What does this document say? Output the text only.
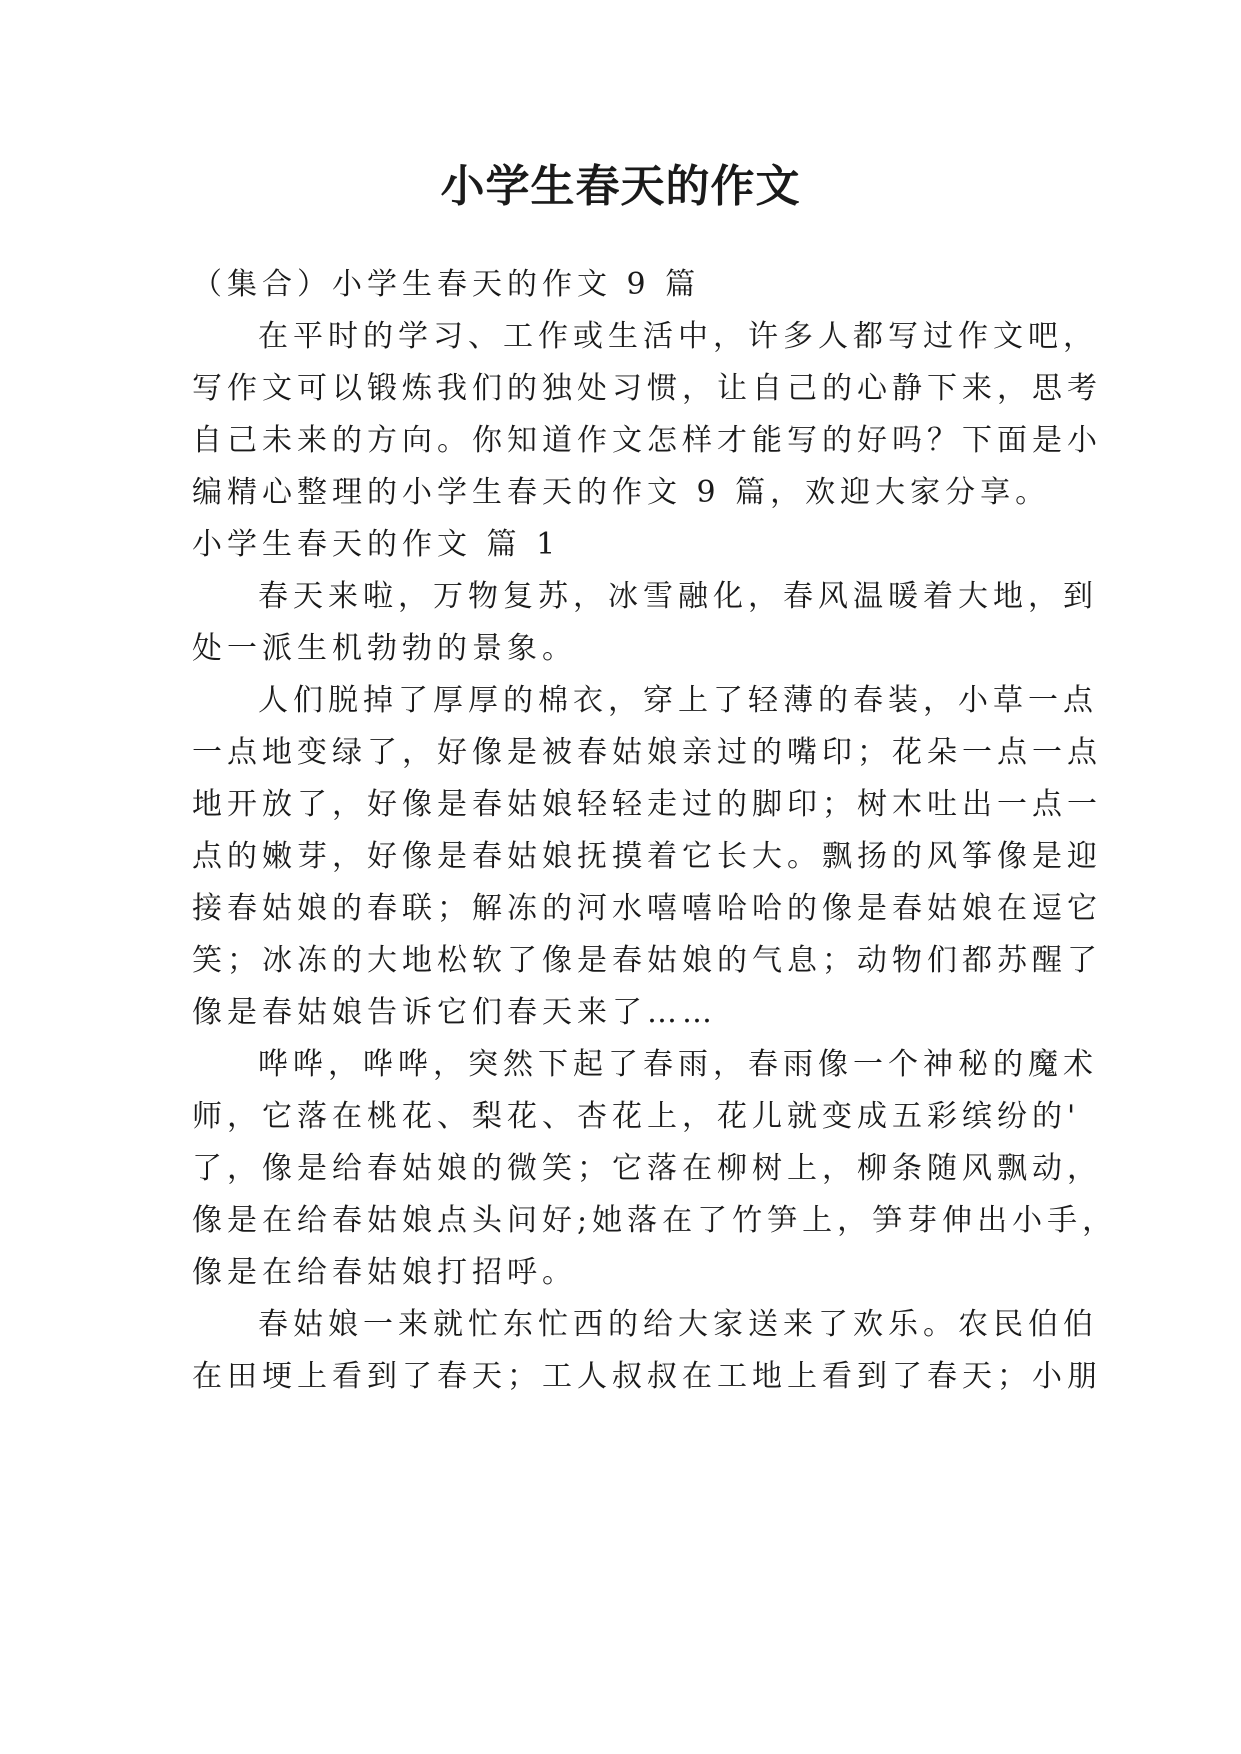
小学生春天的作文
（集合）小学生春天的作文 9 篇
在平时的学习、工作或生活中，许多人都写过作文吧，
写作文可以锻炼我们的独处习惯，让自己的心静下来，思考
自己未来的方向。你知道作文怎样才能写的好吗？下面是小
编精心整理的小学生春天的作文 9 篇，欢迎大家分享。
小学生春天的作文 篇 1
春天来啦，万物复苏，冰雪融化，春风温暖着大地，到
处一派生机勃勃的景象。
人们脱掉了厚厚的棉衣，穿上了轻薄的春装，小草一点
一点地变绿了，好像是被春姑娘亲过的嘴印；花朵一点一点
地开放了，好像是春姑娘轻轻走过的脚印；树木吐出一点一
点的嫩芽，好像是春姑娘抚摸着它长大。飘扬的风筝像是迎
接春姑娘的春联；解冻的河水嘻嘻哈哈的像是春姑娘在逗它
笑；冰冻的大地松软了像是春姑娘的气息；动物们都苏醒了
像是春姑娘告诉它们春天来了……
哗哗，哗哗，突然下起了春雨，春雨像一个神秘的魔术
师，它落在桃花、梨花、杏花上，花儿就变成五彩缤纷的'
了，像是给春姑娘的微笑；它落在柳树上，柳条随风飘动，
像是在给春姑娘点头问好;她落在了竹笋上，笋芽伸出小手，
像是在给春姑娘打招呼。
春姑娘一来就忙东忙西的给大家送来了欢乐。农民伯伯
在田埂上看到了春天；工人叔叔在工地上看到了春天；小朋
